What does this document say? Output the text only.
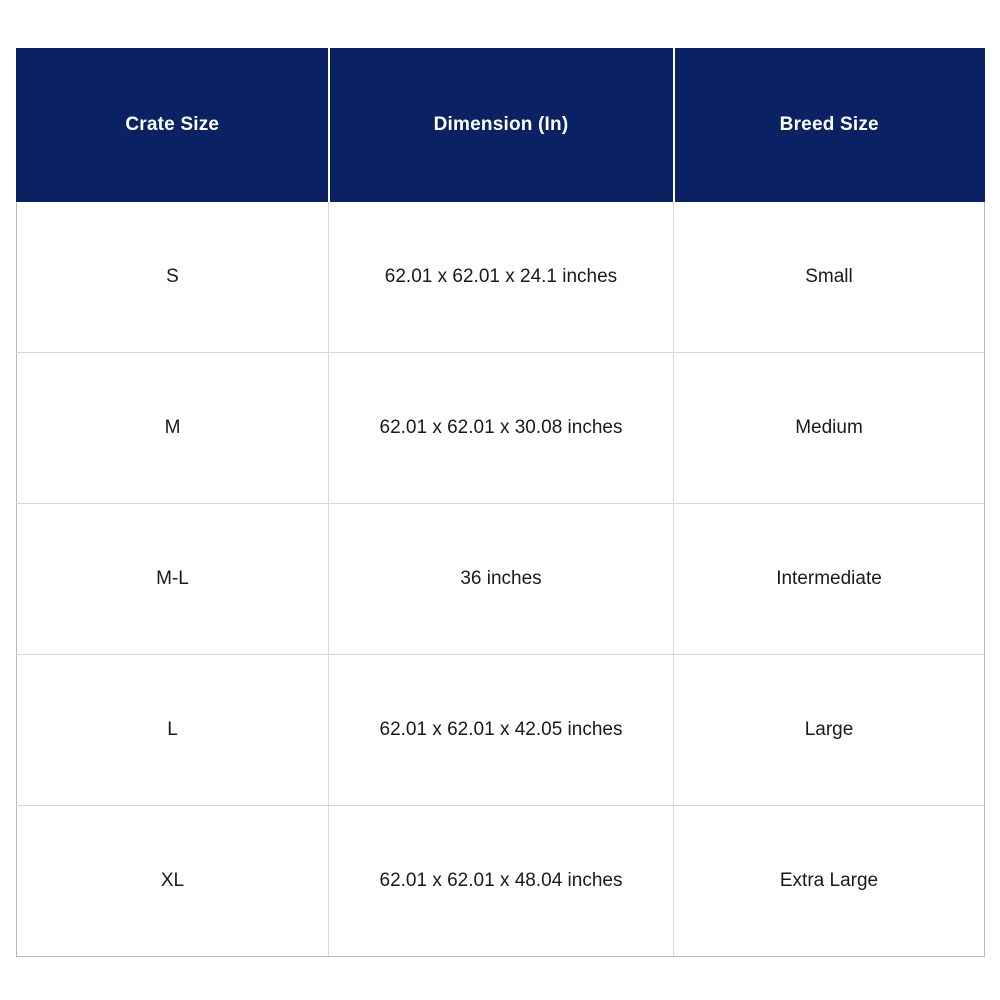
Crate Size	Dimension (In)	Breed Size
S	62.01 x 62.01 x 24.1 inches	Small
M	62.01 x 62.01 x 30.08 inches	Medium
M-L	36 inches	Intermediate
L	62.01 x 62.01 x 42.05 inches	Large
XL	62.01 x 62.01 x 48.04 inches	Extra Large
